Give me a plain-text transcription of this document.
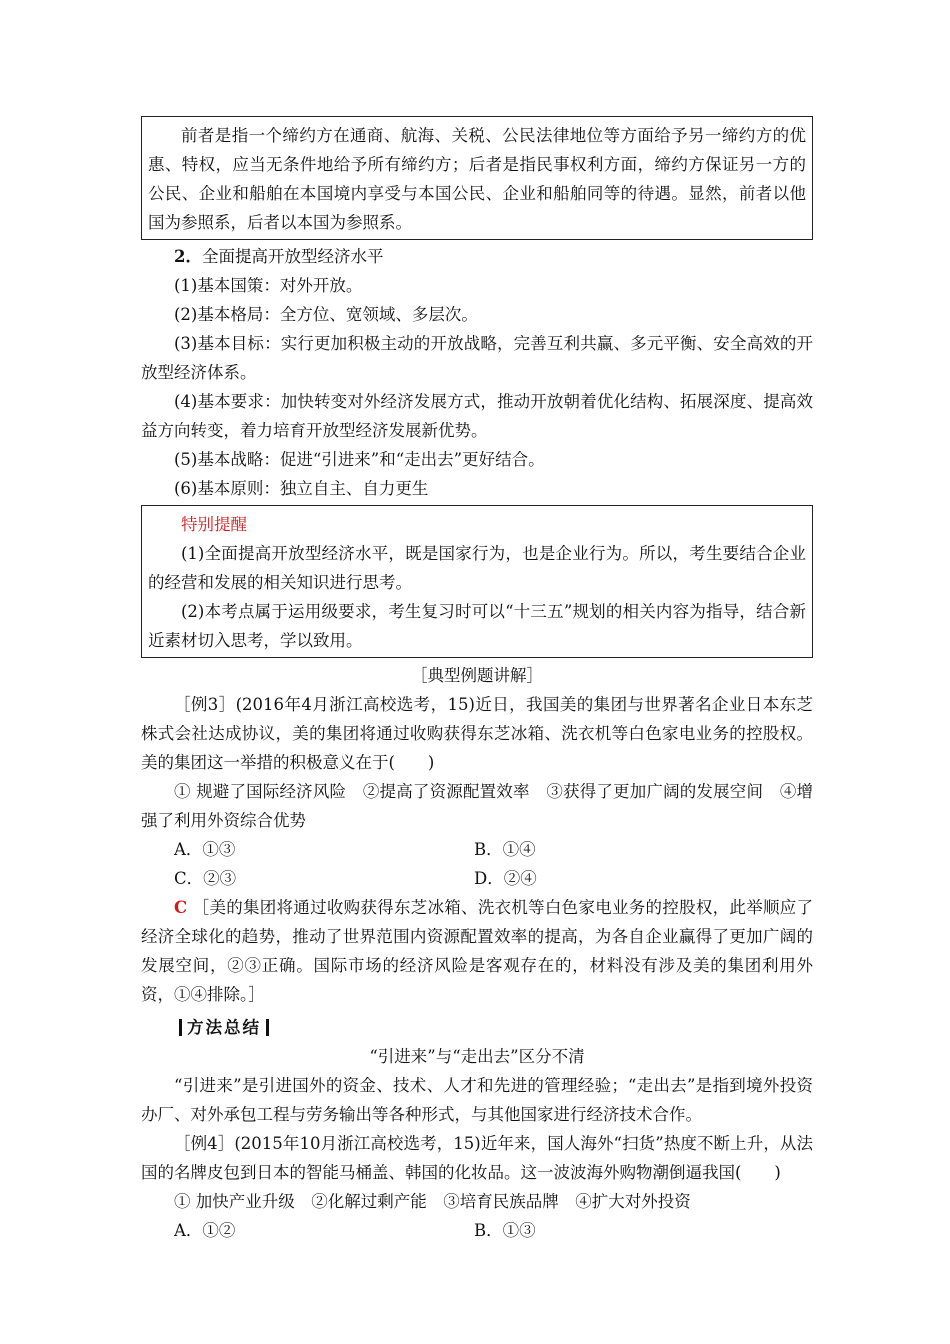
前者是指一个缔约方在通商、航海、关税、公民法律地位等方面给予另一缔约方的优惠、特权，应当无条件地给予所有缔约方；后者是指民事权利方面，缔约方保证另一方的公民、企业和船舶在本国境内享受与本国公民、企业和船舶同等的待遇。显然，前者以他国为参照系，后者以本国为参照系。

2．全面提高开放型经济水平

(1)基本国策：对外开放。

(2)基本格局：全方位、宽领域、多层次。

(3)基本目标：实行更加积极主动的开放战略，完善互利共赢、多元平衡、安全高效的开放型经济体系。

(4)基本要求：加快转变对外经济发展方式，推动开放朝着优化结构、拓展深度、提高效益方向转变，着力培育开放型经济发展新优势。

(5)基本战略：促进“引进来”和“走出去”更好结合。

(6)基本原则：独立自主、自力更生

特别提醒

(1)全面提高开放型经济水平，既是国家行为，也是企业行为。所以，考生要结合企业的经营和发展的相关知识进行思考。

(2)本考点属于运用级要求，考生复习时可以“十三五”规划的相关内容为指导，结合新近素材切入思考，学以致用。

［典型例题讲解］

［例3］(2016年4月浙江高校选考，15)近日，我国美的集团与世界著名企业日本东芝株式会社达成协议，美的集团将通过收购获得东芝冰箱、洗衣机等白色家电业务的控股权。美的集团这一举措的积极意义在于(　　)

① 规避了国际经济风险　②提高了资源配置效率　③获得了更加广阔的发展空间　④增强了利用外资综合优势

A．①③	B．①④
C．②③	D．②④

C ［美的集团将通过收购获得东芝冰箱、洗衣机等白色家电业务的控股权，此举顺应了经济全球化的趋势，推动了世界范围内资源配置效率的提高，为各自企业赢得了更加广阔的发展空间，②③正确。国际市场的经济风险是客观存在的，材料没有涉及美的集团利用外资，①④排除。］

方法总结

“引进来”与“走出去”区分不清

“引进来”是引进国外的资金、技术、人才和先进的管理经验；“走出去”是指到境外投资办厂、对外承包工程与劳务输出等各种形式，与其他国家进行经济技术合作。

［例4］(2015年10月浙江高校选考，15)近年来，国人海外“扫货”热度不断上升，从法国的名牌皮包到日本的智能马桶盖、韩国的化妆品。这一波波海外购物潮倒逼我国(　　)

① 加快产业升级　②化解过剩产能　③培育民族品牌　④扩大对外投资

A．①②	B．①③
